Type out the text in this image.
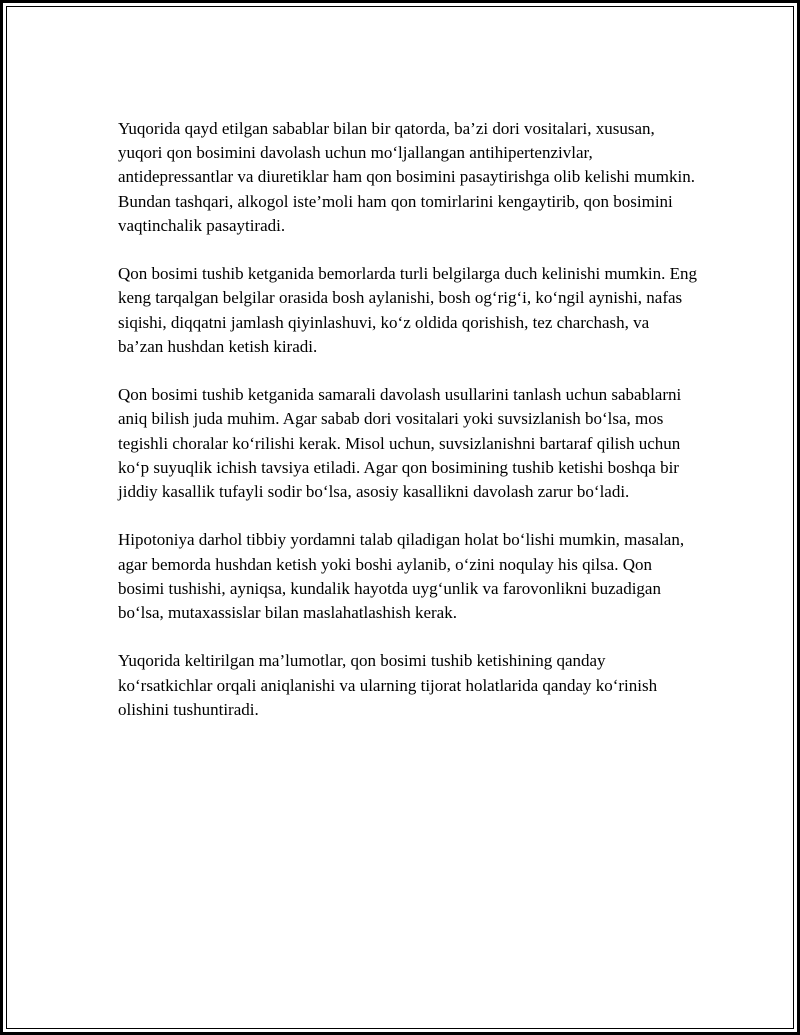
Yuqorida qayd etilgan sabablar bilan bir qatorda, ba’zi dori vositalari, xususan, yuqori qon bosimini davolash uchun mo‘ljallangan antihipertenzivlar, antidepressantlar va diuretiklar ham qon bosimini pasaytirishga olib kelishi mumkin. Bundan tashqari, alkogol iste’moli ham qon tomirlarini kengaytirib, qon bosimini vaqtinchalik pasaytiradi.

Qon bosimi tushib ketganida bemorlarda turli belgilarga duch kelinishi mumkin. Eng keng tarqalgan belgilar orasida bosh aylanishi, bosh og‘rig‘i, ko‘ngil aynishi, nafas siqishi, diqqatni jamlash qiyinlashuvi, ko‘z oldida qorishish, tez charchash, va ba’zan hushdan ketish kiradi.

Qon bosimi tushib ketganida samarali davolash usullarini tanlash uchun sabablarni aniq bilish juda muhim. Agar sabab dori vositalari yoki suvsizlanish bo‘lsa, mos tegishli choralar ko‘rilishi kerak. Misol uchun, suvsizlanishni bartaraf qilish uchun ko‘p suyuqlik ichish tavsiya etiladi. Agar qon bosimining tushib ketishi boshqa bir jiddiy kasallik tufayli sodir bo‘lsa, asosiy kasallikni davolash zarur bo‘ladi.

Hipotoniya darhol tibbiy yordamni talab qiladigan holat bo‘lishi mumkin, masalan, agar bemorda hushdan ketish yoki boshi aylanib, o‘zini noqulay his qilsa. Qon bosimi tushishi, ayniqsa, kundalik hayotda uyg‘unlik va farovonlikni buzadigan bo‘lsa, mutaxassislar bilan maslahatlashish kerak.

Yuqorida keltirilgan ma’lumotlar, qon bosimi tushib ketishining qanday ko‘rsatkichlar orqali aniqlanishi va ularning tijorat holatlarida qanday ko‘rinish olishini tushuntiradi.
